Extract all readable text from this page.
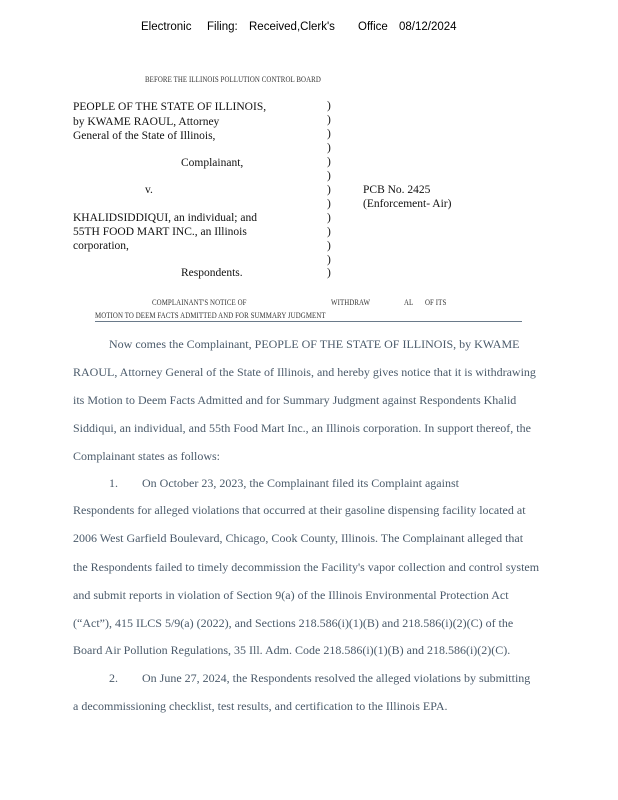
Electronic Filing: Received,Clerk's Office 08/12/2024
BEFORE THE ILLINOIS POLLUTION CONTROL BOARD
PEOPLE OF THE STATE OF ILLINOIS,
by KWAME RAOUL, Attorney
General of the State of Illinois,
Complainant,
v.
KHALIDSIDDIQUI, an individual; and
55TH FOOD MART INC., an Illinois
corporation,
Respondents.
)
)
)
)
)
)
)
)
)
)
)
)
)
PCB No. 2425
(Enforcement- Air)
COMPLAINANT'S NOTICE OF	WITHDRAW	AL OF ITS
MOTION TO DEEM FACTS ADMITTED AND FOR SUMMARY JUDGMENT
Now comes the Complainant, PEOPLE OF THE STATE OF ILLINOIS, by KWAME
RAOUL, Attorney General of the State of Illinois, and hereby gives notice that it is withdrawing
its Motion to Deem Facts Admitted and for Summary Judgment against Respondents Khalid
Siddiqui, an individual, and 55th Food Mart Inc., an Illinois corporation. In support thereof, the
Complainant states as follows:
1.        On October 23, 2023, the Complainant filed its Complaint against
Respondents for alleged violations that occurred at their gasoline dispensing facility located at
2006 West Garfield Boulevard, Chicago, Cook County, Illinois. The Complainant alleged that
the Respondents failed to timely decommission the Facility's vapor collection and control system
and submit reports in violation of Section 9(a) of the Illinois Environmental Protection Act
(“Act”), 415 ILCS 5/9(a) (2022), and Sections 218.586(i)(1)(B) and 218.586(i)(2)(C) of the
Board Air Pollution Regulations, 35 Ill. Adm. Code 218.586(i)(1)(B) and 218.586(i)(2)(C).
2.        On June 27, 2024, the Respondents resolved the alleged violations by submitting
a decommissioning checklist, test results, and certification to the Illinois EPA.
